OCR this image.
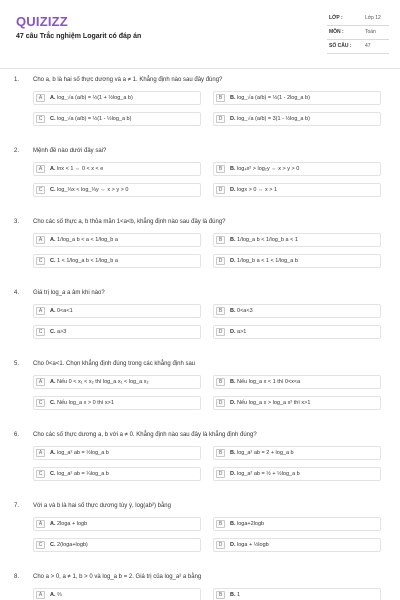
QUIZIZZ
47 câu Trắc nghiệm Logarit có đáp án
LỚP :	Lớp 12
MÔN :	Toán
SỐ CÂU :	47
1. Cho a, b là hai số thực dương và a ≠ 1. Khẳng định nào sau đây đúng?
A	A. log_√a (a/b) = ½(1 + ½log_a b)	B	B. log_√a (a/b) = ½(1 - 2log_a b)
C	C. log_√a (a/b) = ½(1 - ½log_a b)	D	D. log_√a (a/b) = 3(1 - ½log_a b)
2. Mệnh đề nào dưới đây sai?
A	A. lnx < 1 ⇔ 0 < x < e	B	B. log₄x² > log₂y ⇔ x > y > 0
C	C. log_⅓x < log_⅓y ⇔ x > y > 0	D	D. logx > 0 ⇔ x > 1
3. Cho các số thực a, b thỏa mãn 1<a<b, khẳng định nào sau đây là đúng?
A	A. 1/log_a b < a < 1/log_b a	B	B. 1/log_a b < 1/log_b a < 1
C	C. 1 < 1/log_a b < 1/log_b a	D	D. 1/log_b a < 1 < 1/log_a b
4. Giá trị log_a a âm khi nào?
A	A. 0<a<1	B	B. 0<a<3
C	C. a>3	D	D. a>1
5. Cho 0<a<1. Chọn khẳng định đúng trong các khẳng định sau
A	A. Nếu 0 < x₁ < x₂ thì log_a x₁ < log_a x₂	B	B. Nếu log_a x < 1 thì 0<x<a
C	C. Nếu log_a x > 0 thì x>1	D	D. Nếu log_a x > log_a x² thì x>1
6. Cho các số thực dương a, b với a ≠ 0. Khẳng định nào sau đây là khẳng định đúng?
A	A. log_a² ab = ½log_a b	B	B. log_a² ab = 2 + log_a b
C	C. log_a² ab = ¼log_a b	D	D. log_a² ab = ½ + ½log_a b
7. Với a và b là hai số thực dương tùy ý, log(ab²) bằng
A	A. 2loga + logb	B	B. loga+2logb
C	C. 2(loga+logb)	D	D. loga + ½logb
8. Cho a > 0, a ≠ 1, b > 0 và log_a b = 2. Giá trị của log_a² a bằng
A	A. ⅔	B	B. 1
